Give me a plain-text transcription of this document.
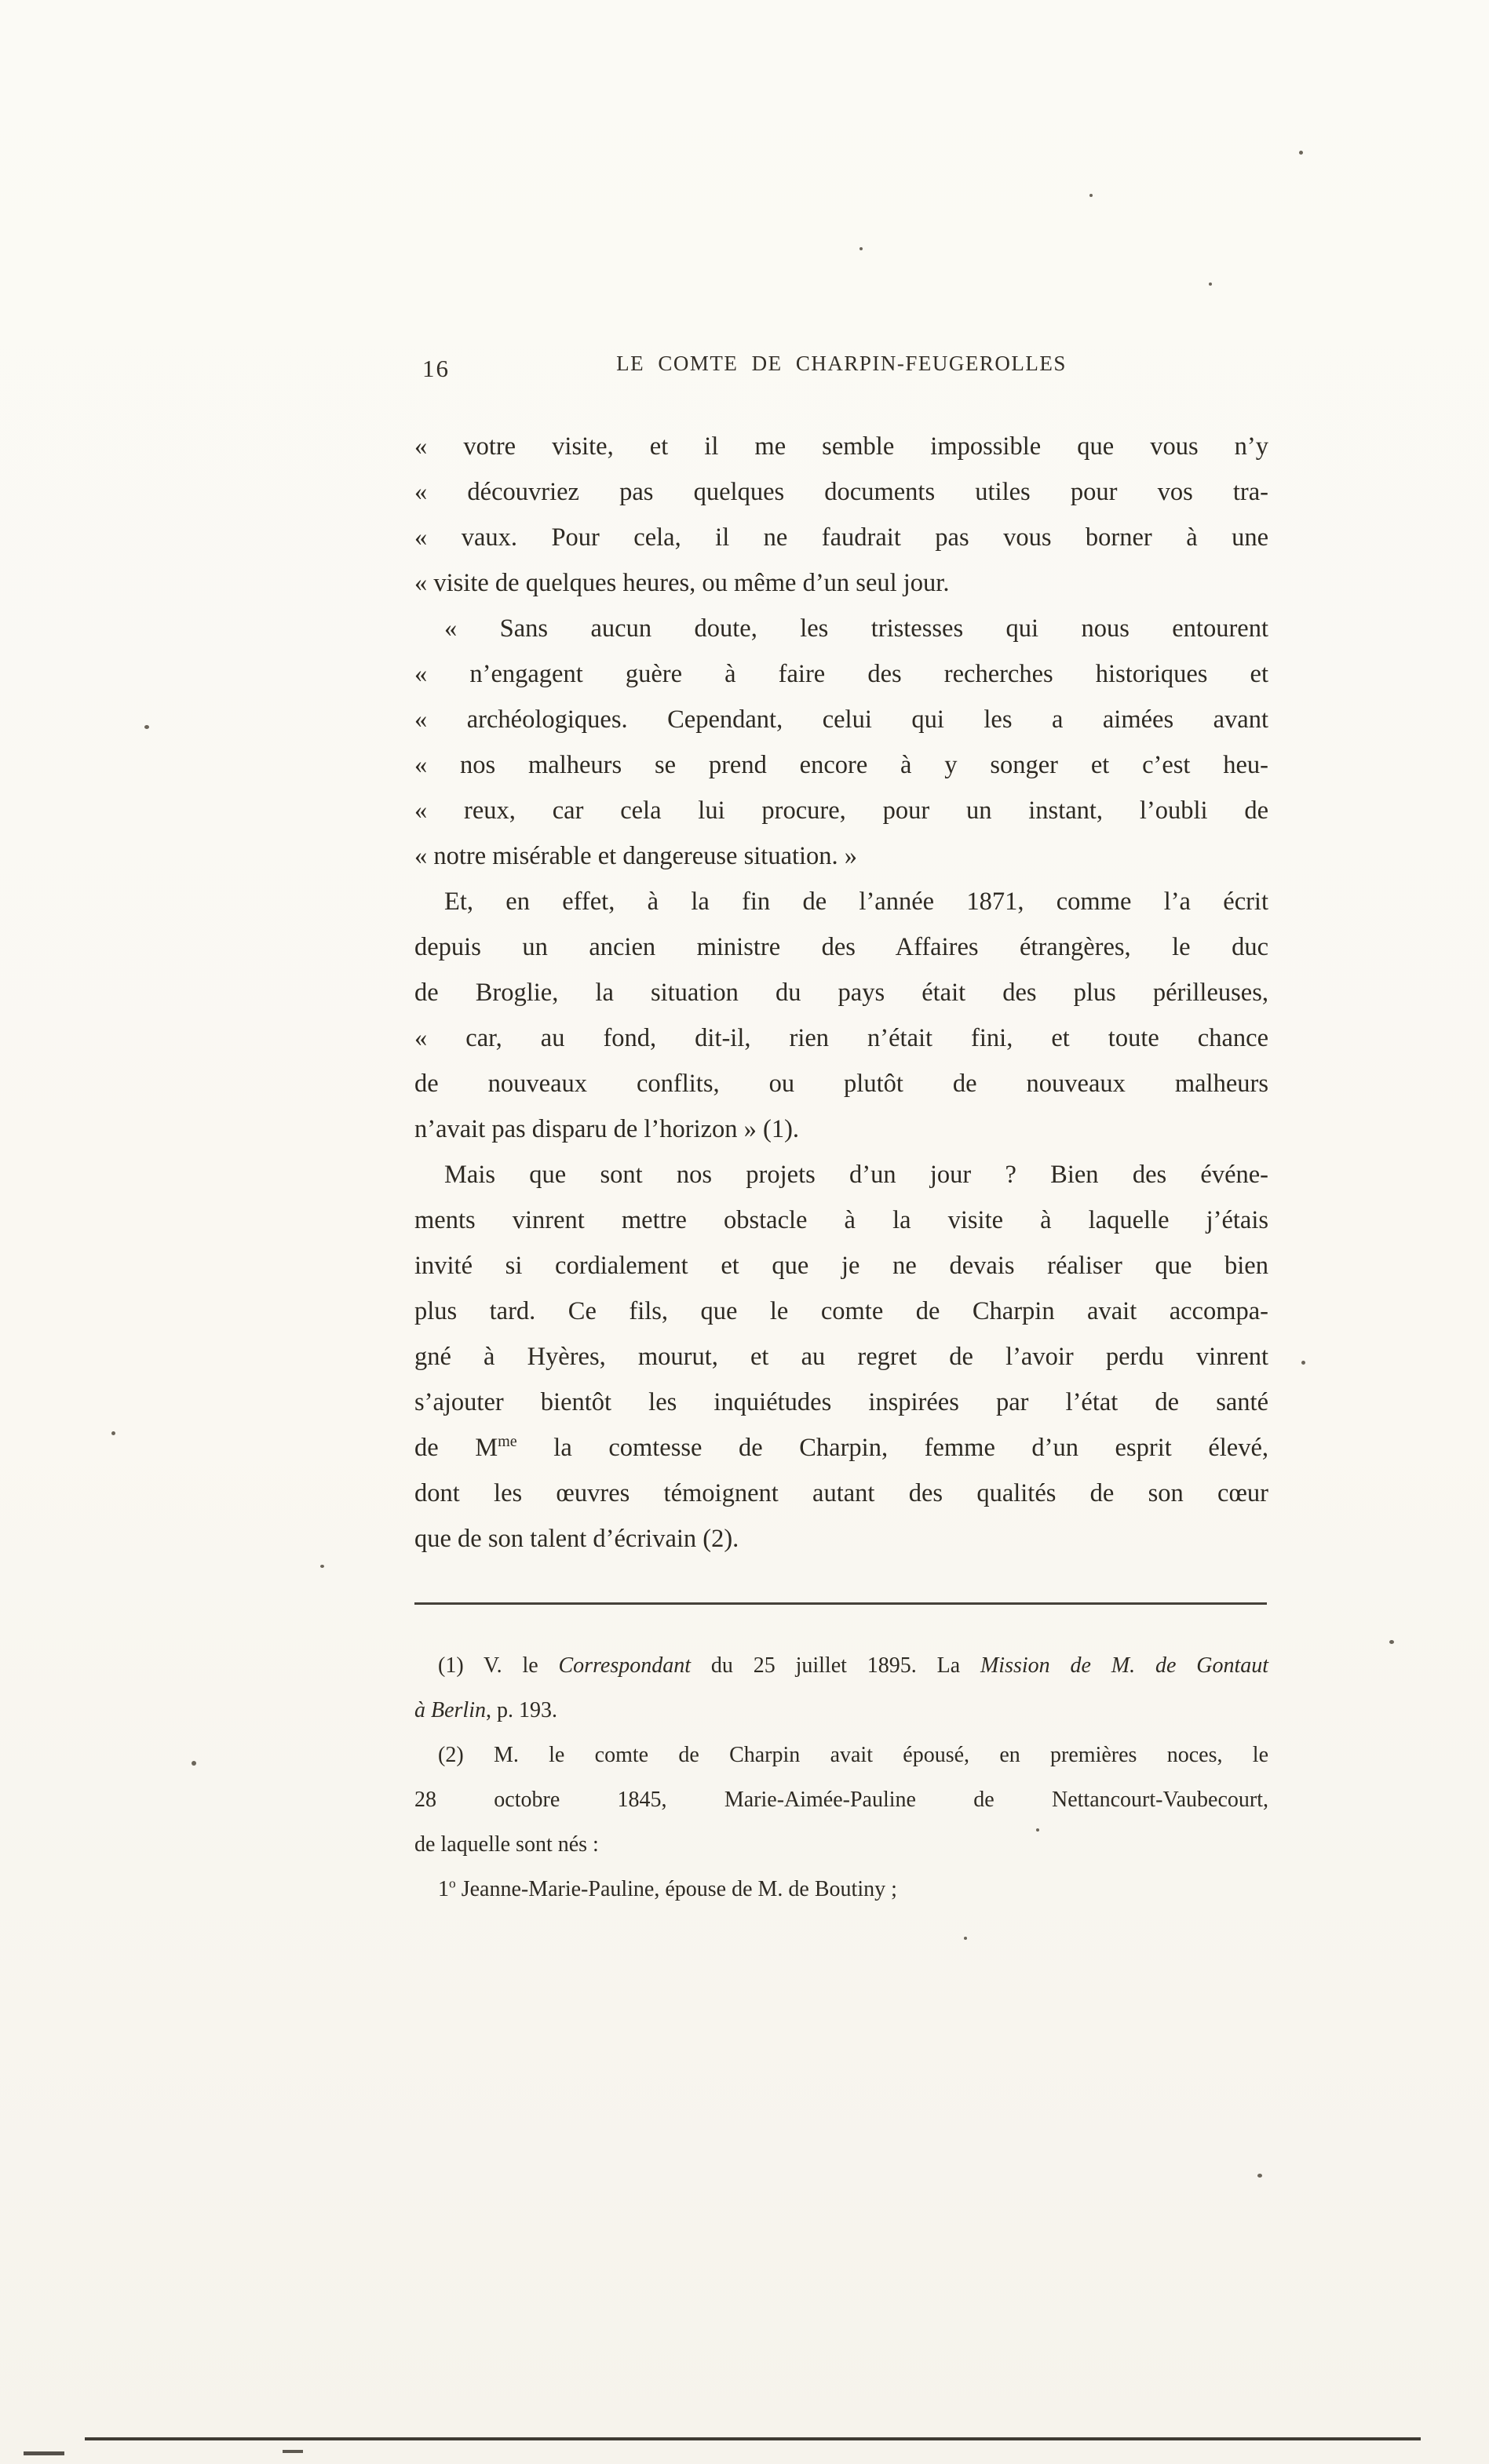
16	LE COMTE DE CHARPIN-FEUGEROLLES
« votre visite, et il me semble impossible que vous n’y
« découvriez pas quelques documents utiles pour vos tra-
« vaux. Pour cela, il ne faudrait pas vous borner à une
« visite de quelques heures, ou même d’un seul jour.
« Sans aucun doute, les tristesses qui nous entourent
« n’engagent guère à faire des recherches historiques et
« archéologiques. Cependant, celui qui les a aimées avant
« nos malheurs se prend encore à y songer et c’est heu-
« reux, car cela lui procure, pour un instant, l’oubli de
« notre misérable et dangereuse situation. »
Et, en effet, à la fin de l’année 1871, comme l’a écrit
depuis un ancien ministre des Affaires étrangères, le duc
de Broglie, la situation du pays était des plus périlleuses,
« car, au fond, dit-il, rien n’était fini, et toute chance
de nouveaux conflits, ou plutôt de nouveaux malheurs
n’avait pas disparu de l’horizon » (1).
Mais que sont nos projets d’un jour ? Bien des événe-
ments vinrent mettre obstacle à la visite à laquelle j’étais
invité si cordialement et que je ne devais réaliser que bien
plus tard. Ce fils, que le comte de Charpin avait accompa-
gné à Hyères, mourut, et au regret de l’avoir perdu vinrent
s’ajouter bientôt les inquiétudes inspirées par l’état de santé
de $M^{me}$ la comtesse de Charpin, femme d’un esprit élevé,
dont les œuvres témoignent autant des qualités de son cœur
que de son talent d’écrivain (2).
(1) V. le Correspondant du 25 juillet 1895. La Mission de M. de Gontaut
à Berlin, p. 193.
(2) M. le comte de Charpin avait épousé, en premières noces, le
28 octobre 1845, Marie-Aimée-Pauline de Nettancourt-Vaubecourt,
de laquelle sont nés :
1$^o$ Jeanne-Marie-Pauline, épouse de M. de Boutiny ;
